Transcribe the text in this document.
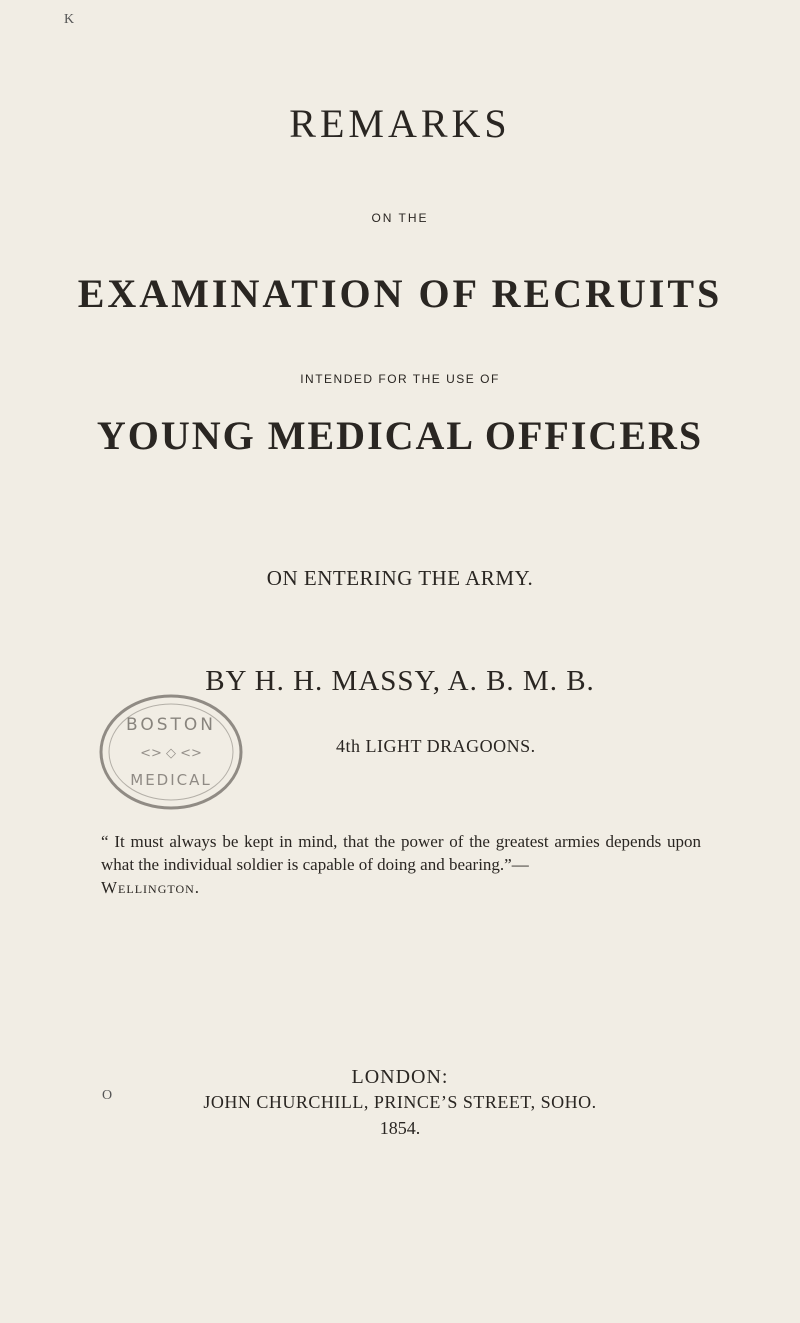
K
REMARKS
ON THE
EXAMINATION OF RECRUITS
INTENDED FOR THE USE OF
YOUNG MEDICAL OFFICERS
ON ENTERING THE ARMY.
BY H. H. MASSY, A. B. M. B.
BOSTON
<> ◇ <>
MEDICAL
4th LIGHT DRAGOONS.
“ It must always be kept in mind, that the power of the greatest armies depends upon what the individual soldier is capable of doing and bearing.”—
Wellington.
LONDON:
O	JOHN CHURCHILL, PRINCE’S STREET, SOHO.
1854.
